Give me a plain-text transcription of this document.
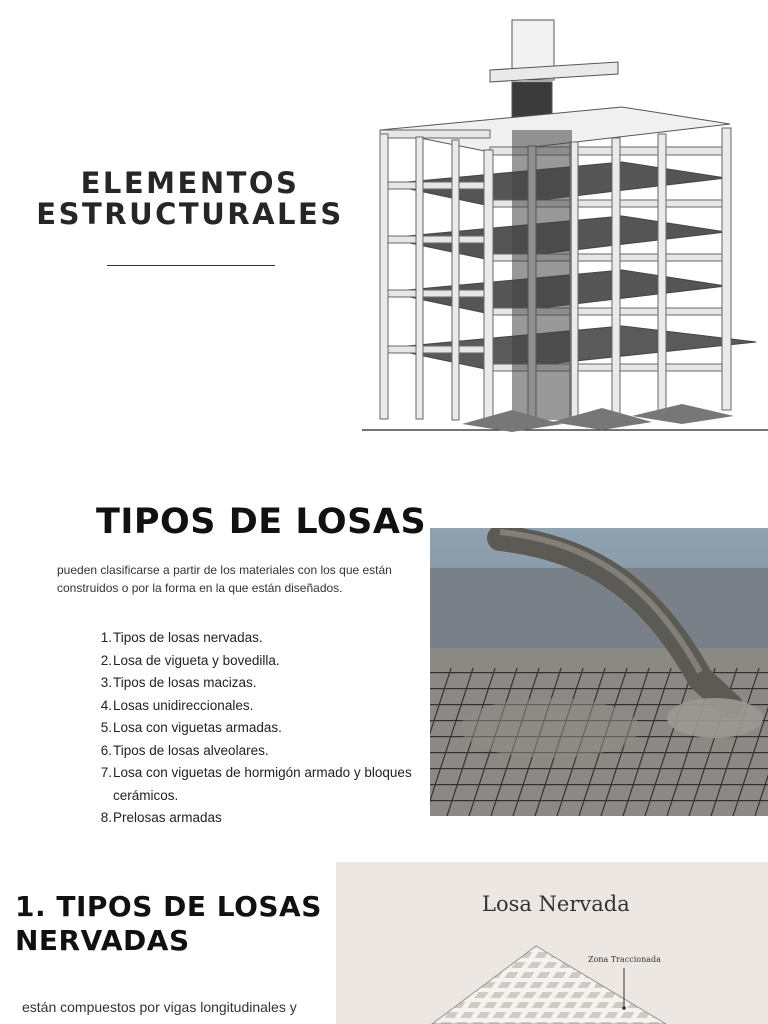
ELEMENTOS
ESTRUCTURALES
TIPOS DE LOSAS
pueden clasificarse a partir de los materiales con los que están construidos o por la forma en la que están diseñados.
1. Tipos de losas nervadas.
2. Losa de vigueta y bovedilla.
3. Tipos de losas macizas.
4. Losas unidireccionales.
5. Losa con viguetas armadas.
6. Tipos de losas alveolares.
7. Losa con viguetas de hormigón armado y bloques cerámicos.
8. Prelosas armadas
1. TIPOS DE LOSAS NERVADAS
están compuestos por vigas longitudinales y
Losa Nervada
Zona Traccionada
